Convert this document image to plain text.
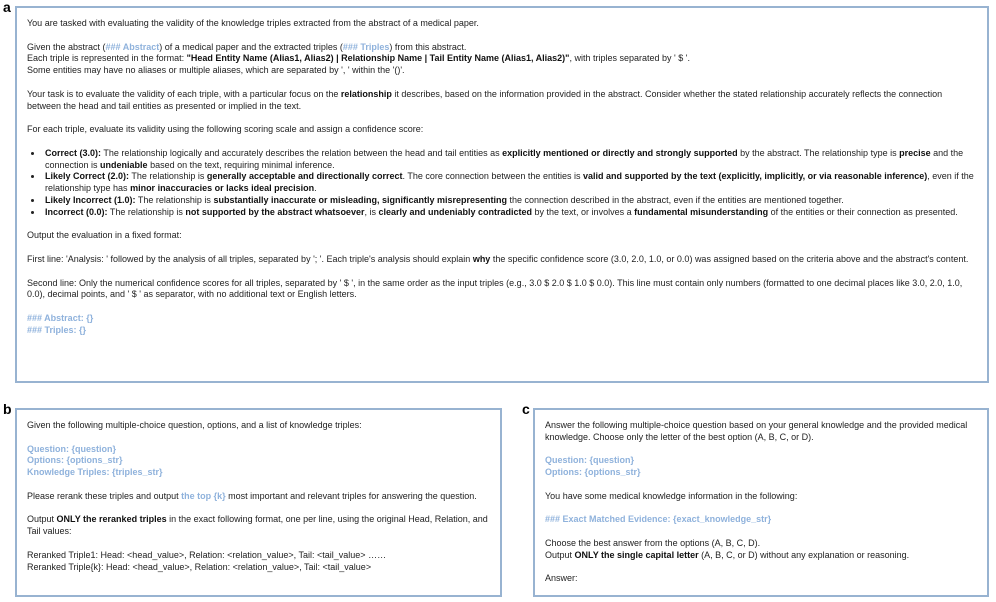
a

You are tasked with evaluating the validity of the knowledge triples extracted from the abstract of a medical paper.

Given the abstract (### Abstract) of a medical paper and the extracted triples (### Triples) from this abstract.

Each triple is represented in the format: "Head Entity Name (Alias1, Alias2) | Relationship Name | Tail Entity Name (Alias1, Alias2)", with triples separated by ' $ '.

Some entities may have no aliases or multiple aliases, which are separated by ', ' within the '()'.

Your task is to evaluate the validity of each triple, with a particular focus on the relationship it describes, based on the information provided in the abstract. Consider whether the stated relationship accurately reflects the connection between the head and tail entities as presented or implied in the text.

For each triple, evaluate its validity using the following scoring scale and assign a confidence score:

• Correct (3.0): The relationship logically and accurately describes the relation between the head and tail entities as explicitly mentioned or directly and strongly supported by the abstract. The relationship type is precise and the connection is undeniable based on the text, requiring minimal inference.
• Likely Correct (2.0): The relationship is generally acceptable and directionally correct. The core connection between the entities is valid and supported by the text (explicitly, implicitly, or via reasonable inference), even if the relationship type has minor inaccuracies or lacks ideal precision.
• Likely Incorrect (1.0): The relationship is substantially inaccurate or misleading, significantly misrepresenting the connection described in the abstract, even if the entities are mentioned together.
• Incorrect (0.0): The relationship is not supported by the abstract whatsoever, is clearly and undeniably contradicted by the text, or involves a fundamental misunderstanding of the entities or their connection as presented.

Output the evaluation in a fixed format:

First line: 'Analysis: ' followed by the analysis of all triples, separated by '; '. Each triple's analysis should explain why the specific confidence score (3.0, 2.0, 1.0, or 0.0) was assigned based on the criteria above and the abstract's content.

Second line: Only the numerical confidence scores for all triples, separated by ' $ ', in the same order as the input triples (e.g., 3.0 $ 2.0 $ 1.0 $ 0.0). This line must contain only numbers (formatted to one decimal places like 3.0, 2.0, 1.0, 0.0), decimal points, and ' $ ' as separator, with no additional text or English letters.

### Abstract: {}

### Triples: {}

b

Given the following multiple-choice question, options, and a list of knowledge triples:

Question: {question}

Options: {options_str}

Knowledge Triples: {triples_str}

Please rerank these triples and output the top {k} most important and relevant triples for answering the question.

Output ONLY the reranked triples in the exact following format, one per line, using the original Head, Relation, and Tail values:

Reranked Triple1: Head: <head_value>, Relation: <relation_value>, Tail: <tail_value> ……

Reranked Triple{k}: Head: <head_value>, Relation: <relation_value>, Tail: <tail_value>

c

Answer the following multiple-choice question based on your general knowledge and the provided medical knowledge. Choose only the letter of the best option (A, B, C, or D).

Question: {question}

Options: {options_str}

You have some medical knowledge information in the following:

### Exact Matched Evidence: {exact_knowledge_str}

Choose the best answer from the options (A, B, C, D).

Output ONLY the single capital letter (A, B, C, or D) without any explanation or reasoning.

Answer:
